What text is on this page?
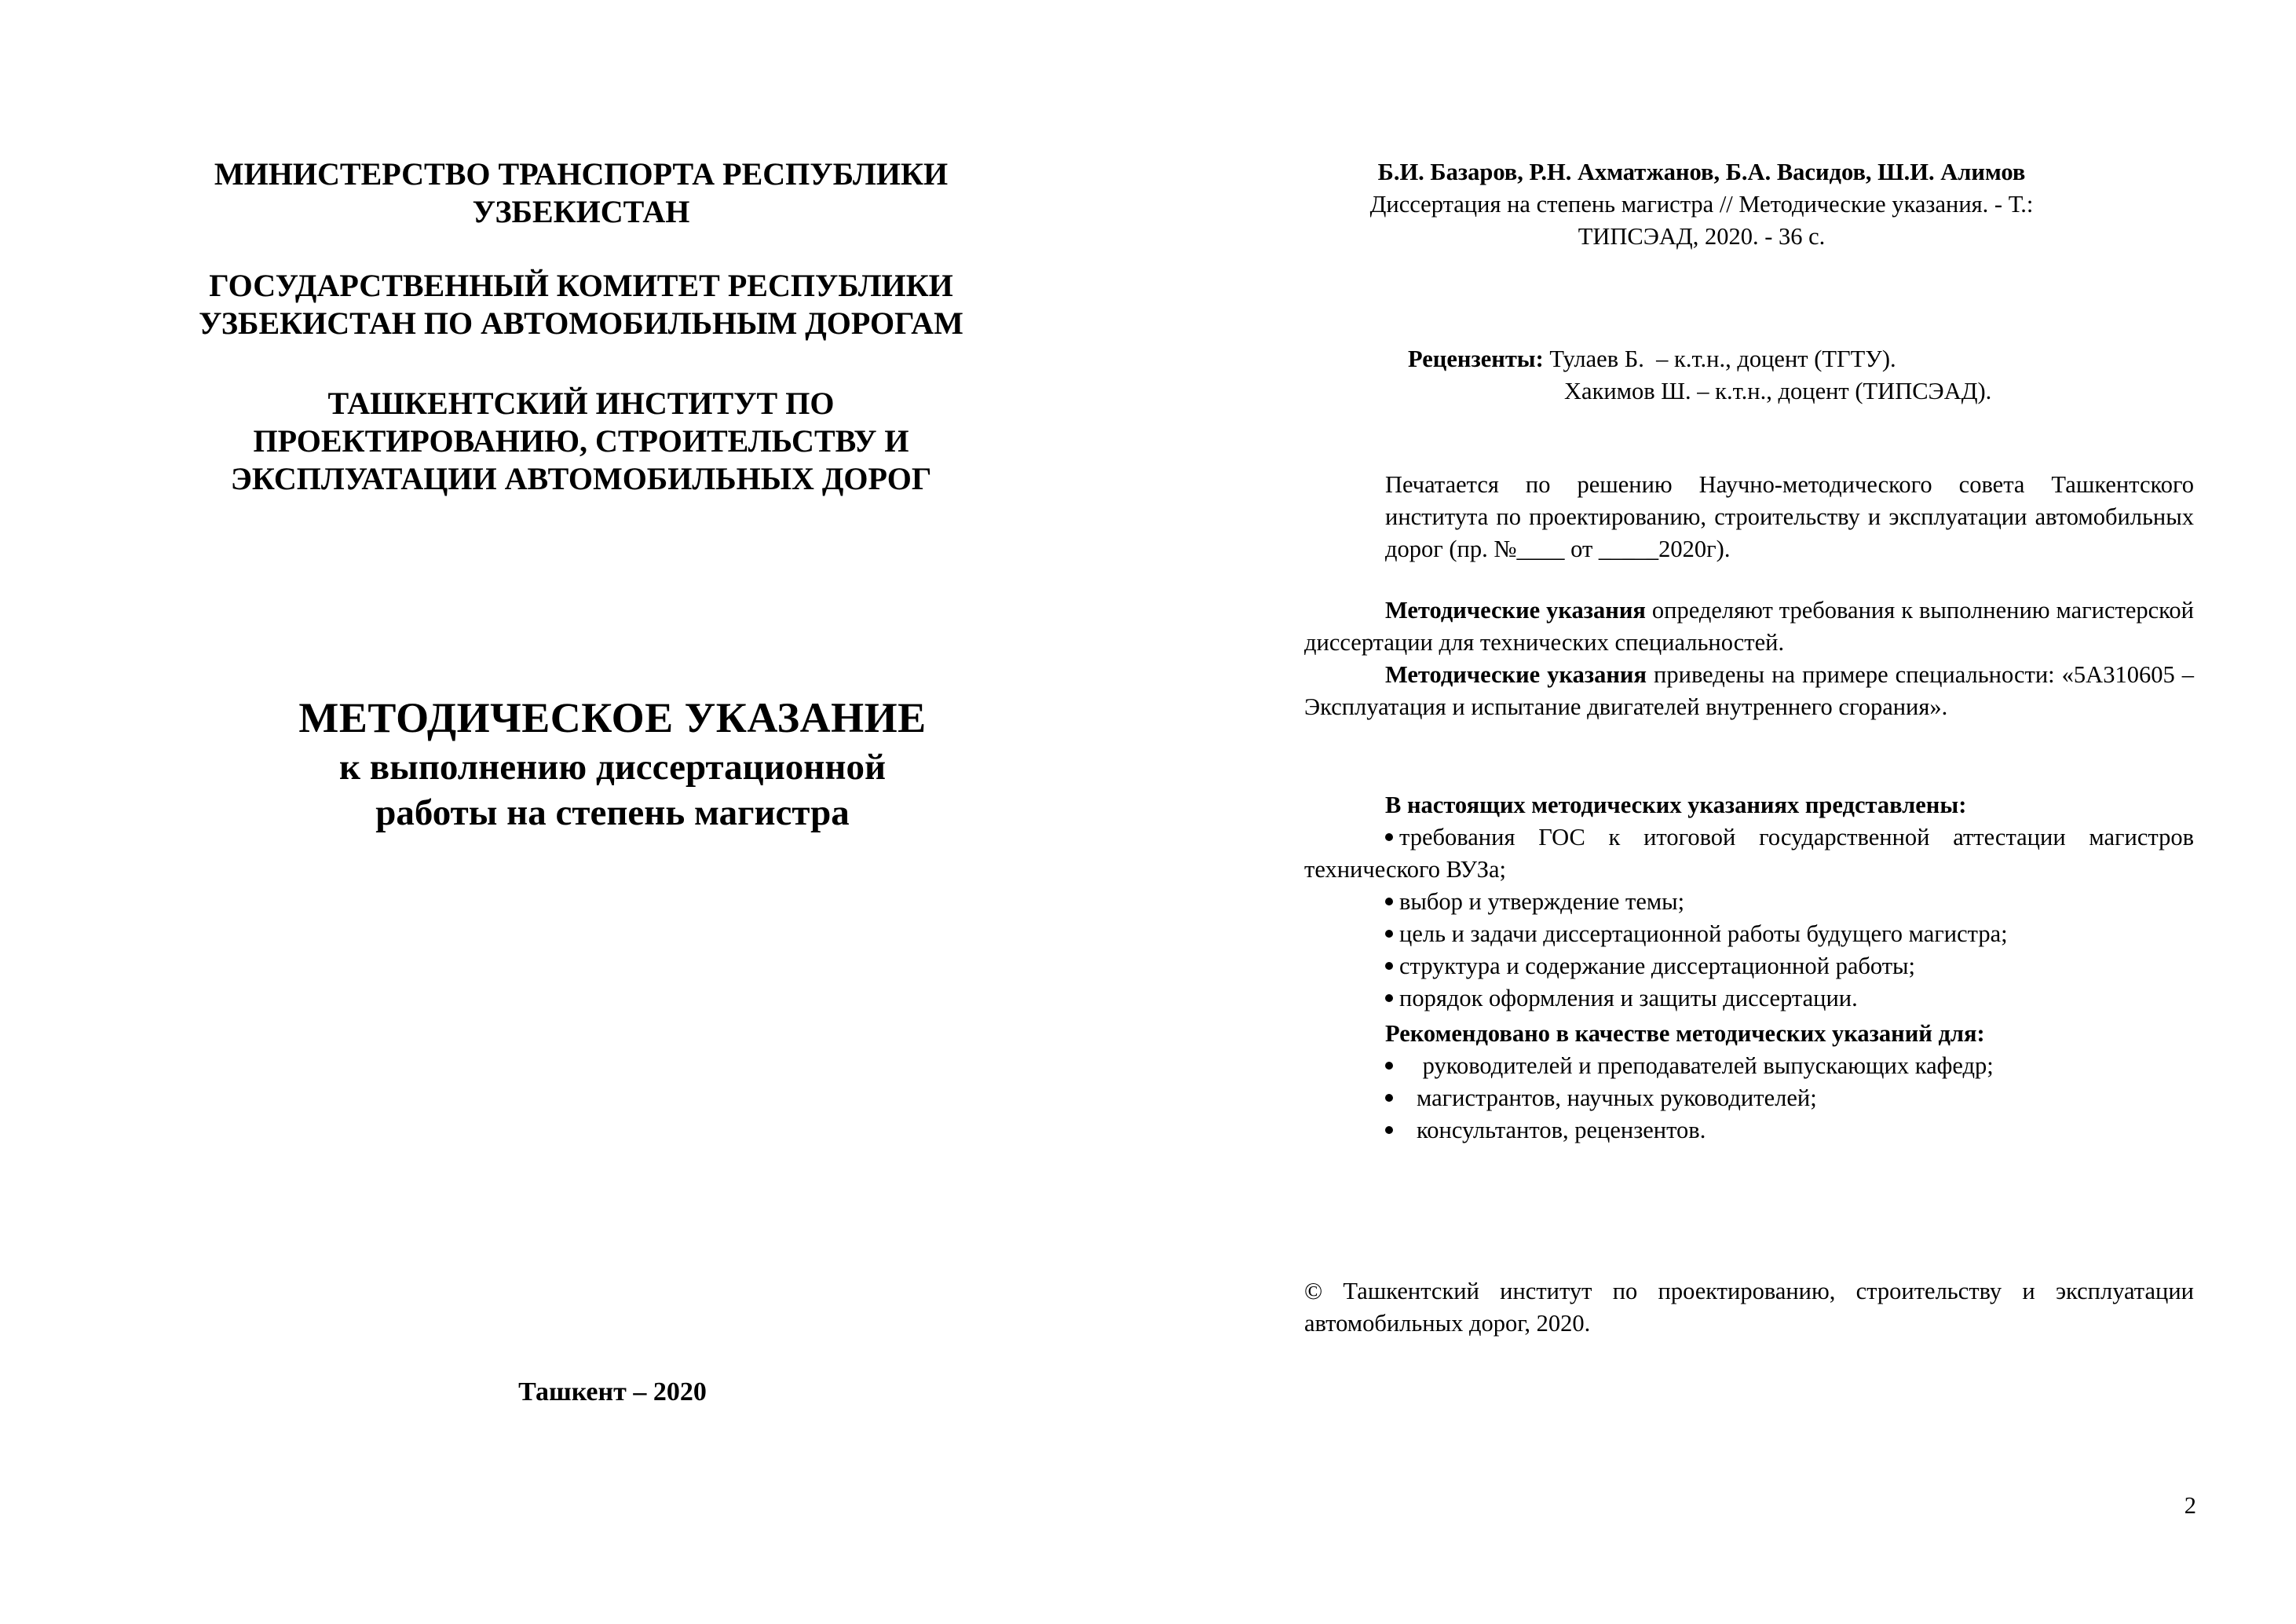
МИНИСТЕРСТВО ТРАНСПОРТА РЕСПУБЛИКИ
УЗБЕКИСТАН
ГОСУДАРСТВЕННЫЙ КОМИТЕТ РЕСПУБЛИКИ
УЗБЕКИСТАН ПО АВТОМОБИЛЬНЫМ ДОРОГАМ
ТАШКЕНТСКИЙ ИНСТИТУТ ПО
ПРОЕКТИРОВАНИЮ, СТРОИТЕЛЬСТВУ И
ЭКСПЛУАТАЦИИ АВТОМОБИЛЬНЫХ ДОРОГ
МЕТОДИЧЕСКОЕ УКАЗАНИЕ
к выполнению диссертационной
работы на степень магистра
Ташкент – 2020
Б.И. Базаров, Р.Н. Ахматжанов, Б.А. Васидов, Ш.И. Алимов
Диссертация на степень магистра // Методические указания. - Т.:
ТИПСЭАД, 2020. - 36 с.
Рецензенты: Тулаев Б.  – к.т.н., доцент (ТГТУ).
Хакимов Ш. – к.т.н., доцент (ТИПСЭАД).
Печатается по решению Научно-методического совета Ташкентского института по проектированию, строительству и эксплуатации автомобильных дорог (пр. №____ от _____2020г).
Методические указания определяют требования к выполнению магистерской диссертации для технических специальностей.
Методические указания приведены на примере специальности: «5А310605 – Эксплуатация и испытание двигателей внутреннего сгорания».
В настоящих методических указаниях представлены:
требования ГОС к итоговой государственной аттестации магистров технического ВУЗа;
выбор и утверждение темы;
цель и задачи диссертационной работы будущего магистра;
структура и содержание диссертационной работы;
порядок оформления и защиты диссертации.
Рекомендовано в качестве методических указаний для:
руководителей и преподавателей выпускающих кафедр;
магистрантов, научных руководителей;
консультантов, рецензентов.
© Ташкентский институт по проектированию, строительству и эксплуатации автомобильных дорог, 2020.
2
